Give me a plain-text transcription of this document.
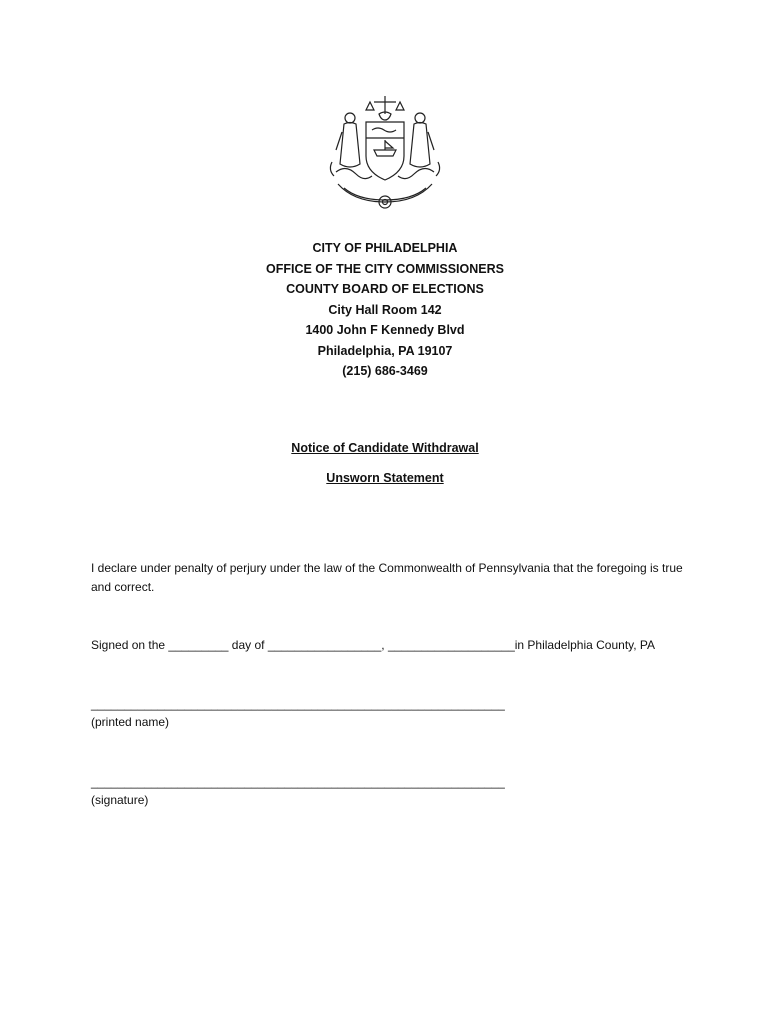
CITY OF PHILADELPHIA
OFFICE OF THE CITY COMMISSIONERS
COUNTY BOARD OF ELECTIONS
City Hall Room 142
1400 John F Kennedy Blvd
Philadelphia, PA 19107
(215) 686-3469
Notice of Candidate Withdrawal
Unsworn Statement
I declare under penalty of perjury under the law of the Commonwealth of Pennsylvania that the foregoing is true and correct.
Signed on the _________ day of _________________, ___________________in Philadelphia County, PA
______________________________________________________________
(printed name)
______________________________________________________________
(signature)
